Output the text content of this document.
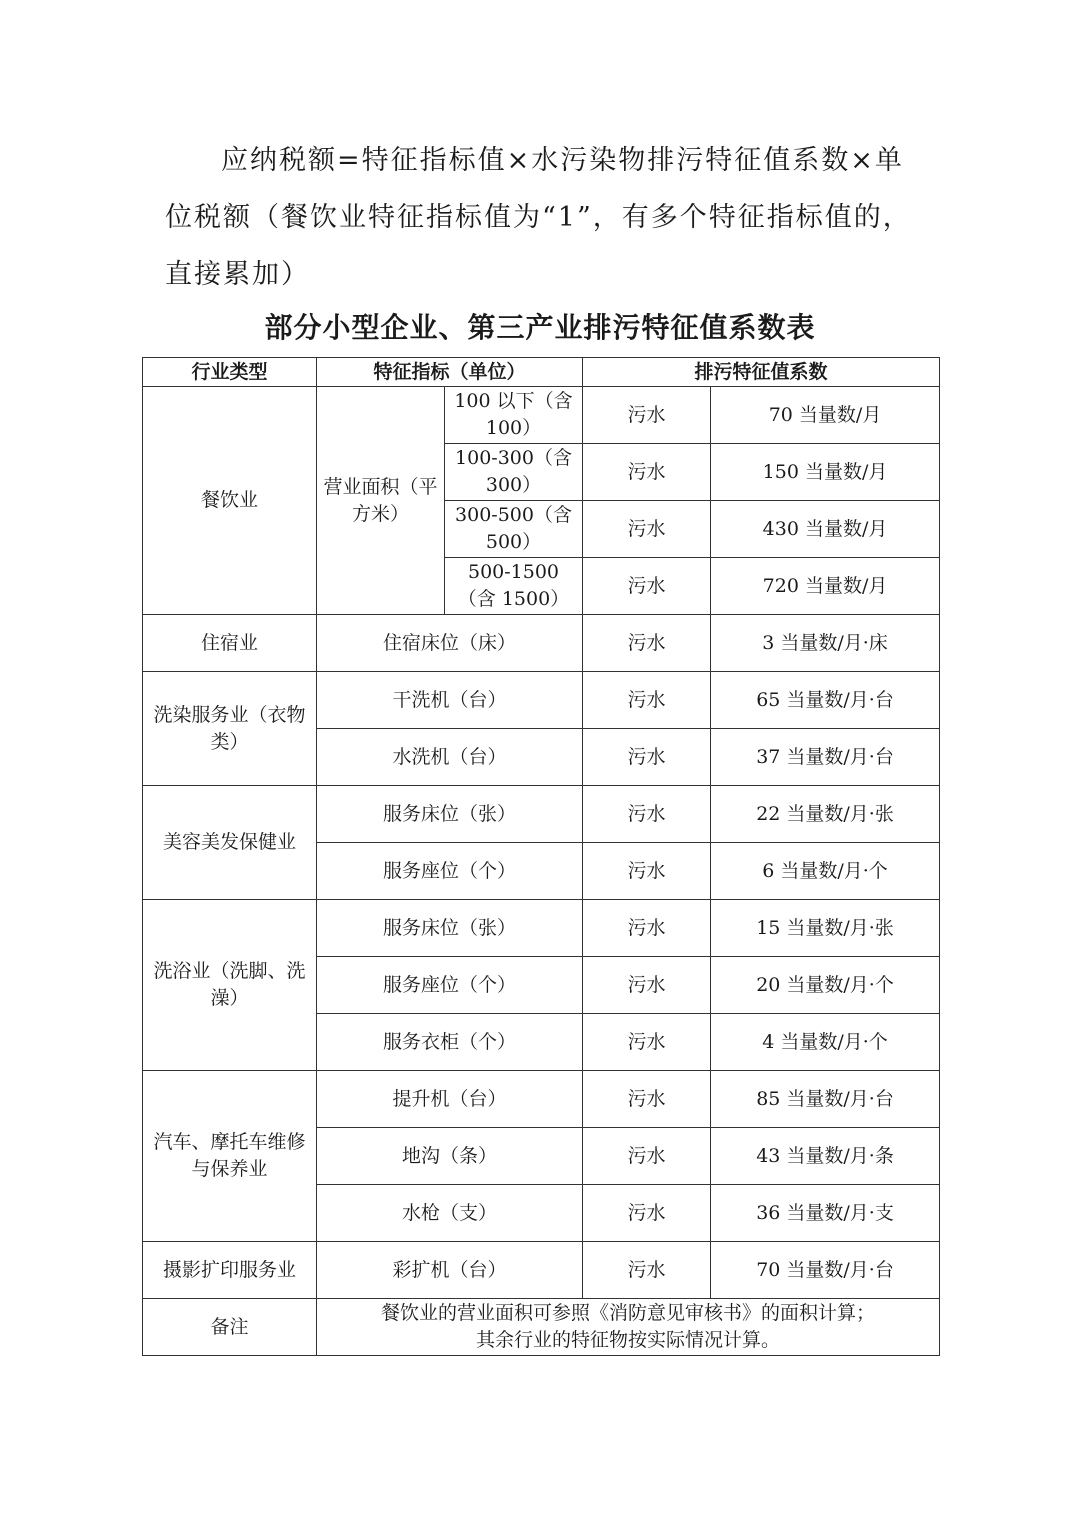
应纳税额=特征指标值×水污染物排污特征值系数×单位税额（餐饮业特征指标值为“1”，有多个特征指标值的，直接累加）

部分小型企业、第三产业排污特征值系数表
行业类型	特征指标（单位）		排污特征值系数	
餐饮业	营业面积（平方米）	100 以下（含 100）	污水	70 当量数/月
		100-300（含 300）	污水	150 当量数/月
		300-500（含 500）	污水	430 当量数/月
		500-1500（含 1500）	污水	720 当量数/月
住宿业	住宿床位（床）		污水	3 当量数/月·床
洗染服务业（衣物类）	干洗机（台）		污水	65 当量数/月·台
	水洗机（台）		污水	37 当量数/月·台
美容美发保健业	服务床位（张）		污水	22 当量数/月·张
	服务座位（个）		污水	6 当量数/月·个
洗浴业（洗脚、洗澡）	服务床位（张）		污水	15 当量数/月·张
	服务座位（个）		污水	20 当量数/月·个
	服务衣柜（个）		污水	4 当量数/月·个
汽车、摩托车维修与保养业	提升机（台）		污水	85 当量数/月·台
	地沟（条）		污水	43 当量数/月·条
	水枪（支）		污水	36 当量数/月·支
摄影扩印服务业	彩扩机（台）		污水	70 当量数/月·台
备注	餐饮业的营业面积可参照《消防意见审核书》的面积计算；
其余行业的特征物按实际情况计算。			
